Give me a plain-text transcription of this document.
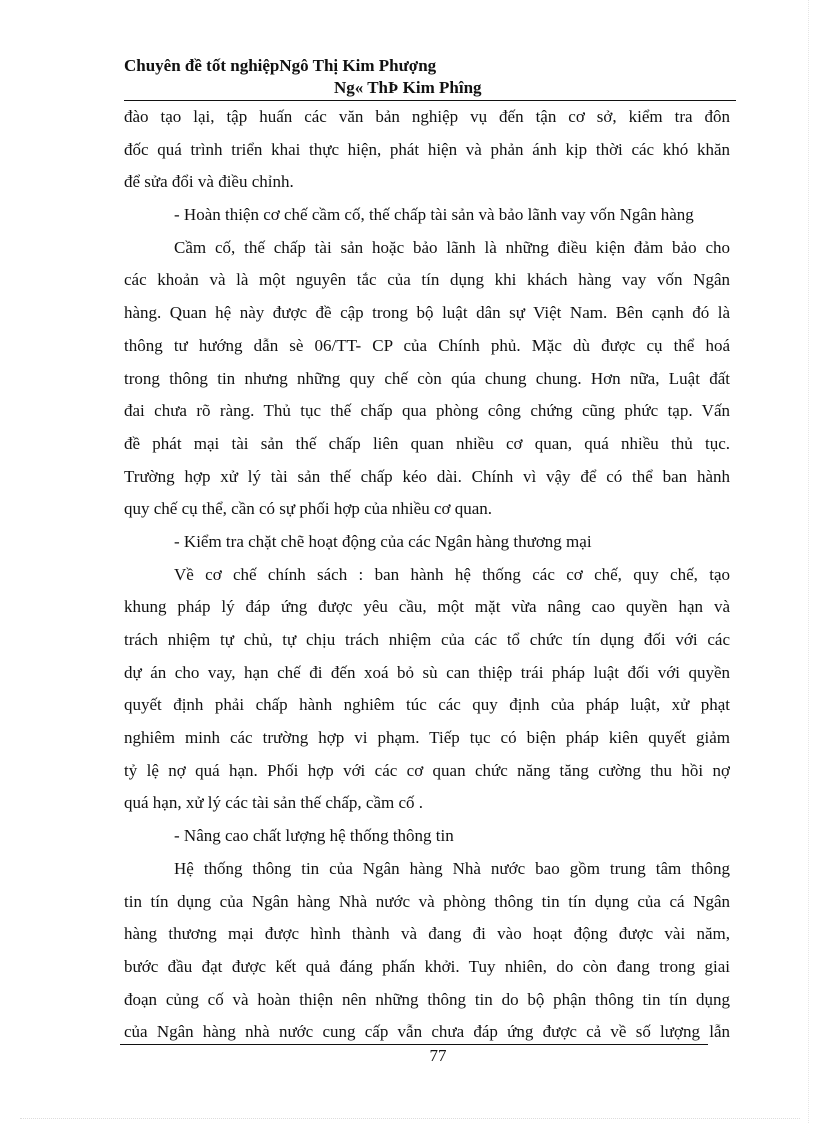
Chuyên đề tốt nghiệpNgô Thị Kim Phượng
Ng« ThÞ Kim Phîng
đào tạo lại, tập huấn các văn bản nghiệp vụ đến tận cơ sở, kiểm tra đôn
đốc quá trình triển khai thực hiện, phát hiện và phản ánh kịp thời các khó khăn
để sửa đổi và điều chỉnh.
- Hoàn thiện cơ chế cầm cố, thế chấp tài sản và bảo lãnh vay vốn Ngân hàng
Cầm cố, thế chấp tài sản hoặc bảo lãnh là những điều kiện đảm bảo cho
các khoản và là một nguyên tắc của tín dụng khi khách hàng vay vốn Ngân
hàng. Quan hệ này được đề cập trong bộ luật dân sự Việt Nam. Bên cạnh đó là
thông tư hướng dẫn sè 06/TT- CP của Chính phủ. Mặc dù được cụ thể hoá
trong thông tin nhưng những quy chế còn qúa chung chung. Hơn nữa, Luật đất
đai chưa rõ ràng. Thủ tục thế chấp qua phòng công chứng cũng phức tạp. Vấn
đề phát mại tài sản thế chấp liên quan nhiều cơ quan, quá nhiều thủ tục.
Trường hợp xử lý tài sản thế chấp kéo dài. Chính vì vậy để có thể ban hành
quy chế cụ thể, cần có sự phối hợp của nhiều cơ quan.
- Kiểm tra chặt chẽ hoạt động của các Ngân hàng thương mại
Về cơ chế chính sách : ban hành hệ thống các cơ chế, quy chế, tạo
khung pháp lý đáp ứng được yêu cầu, một mặt vừa nâng cao quyền hạn và
trách nhiệm tự chủ, tự chịu trách nhiệm của các tổ chức tín dụng đối với các
dự án cho vay, hạn chế đi đến xoá bỏ sù can thiệp trái pháp luật đối với quyền
quyết định phải chấp hành nghiêm túc các quy định của pháp luật, xử phạt
nghiêm minh các trường hợp vi phạm. Tiếp tục có biện pháp kiên quyết giảm
tỷ lệ nợ quá hạn. Phối hợp với các cơ quan chức năng tăng cường thu hồi nợ
quá hạn, xử lý các tài sản thế chấp, cầm cố .
- Nâng cao chất lượng hệ thống thông tin
Hệ thống thông tin của Ngân hàng Nhà nước bao gồm trung tâm thông
tin tín dụng của Ngân hàng Nhà nước và phòng thông tin tín dụng của cá Ngân
hàng thương mại được hình thành và đang đi vào hoạt động được vài năm,
bước đầu đạt được kết quả đáng phấn khởi. Tuy nhiên, do còn đang trong giai
đoạn củng cố và hoàn thiện nên những thông tin do bộ phận thông tin tín dụng
của Ngân hàng nhà nước cung cấp vẫn chưa đáp ứng được cả về số lượng lẫn
77
